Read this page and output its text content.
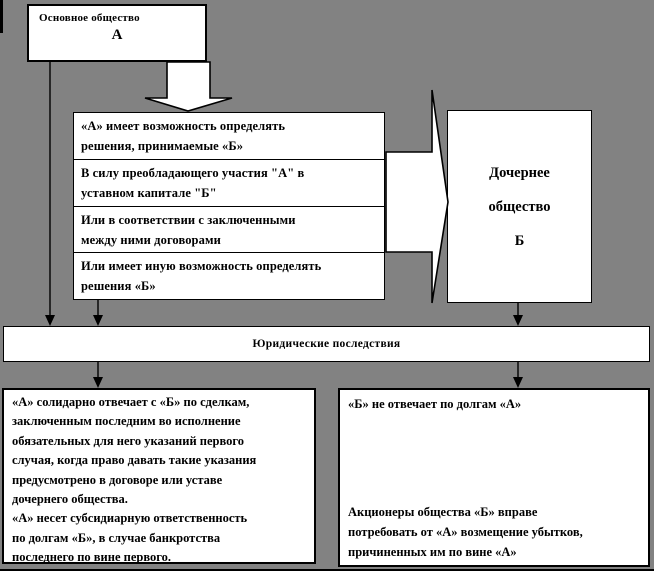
Основное общество
А
«А» имеет возможность определять
решения, принимаемые «Б»
В силу преобладающего участия "А" в
уставном капитале "Б"
Или в соответствии с заключенными
между ними договорами
Или имеет иную возможность определять
решения «Б»
Дочернее
общество
Б
Юридические последствия
«А» солидарно отвечает с «Б» по сделкам,
заключенным последним во исполнение
обязательных для него указаний первого
случая, когда право давать такие указания
предусмотрено в договоре или уставе
дочернего общества.
«А» несет субсидиарную ответственность
по долгам «Б», в случае банкротства
последнего по вине первого.
«Б» не отвечает по долгам «А»
Акционеры общества «Б» вправе
потребовать от «А» возмещение убытков,
причиненных им по вине «А»
